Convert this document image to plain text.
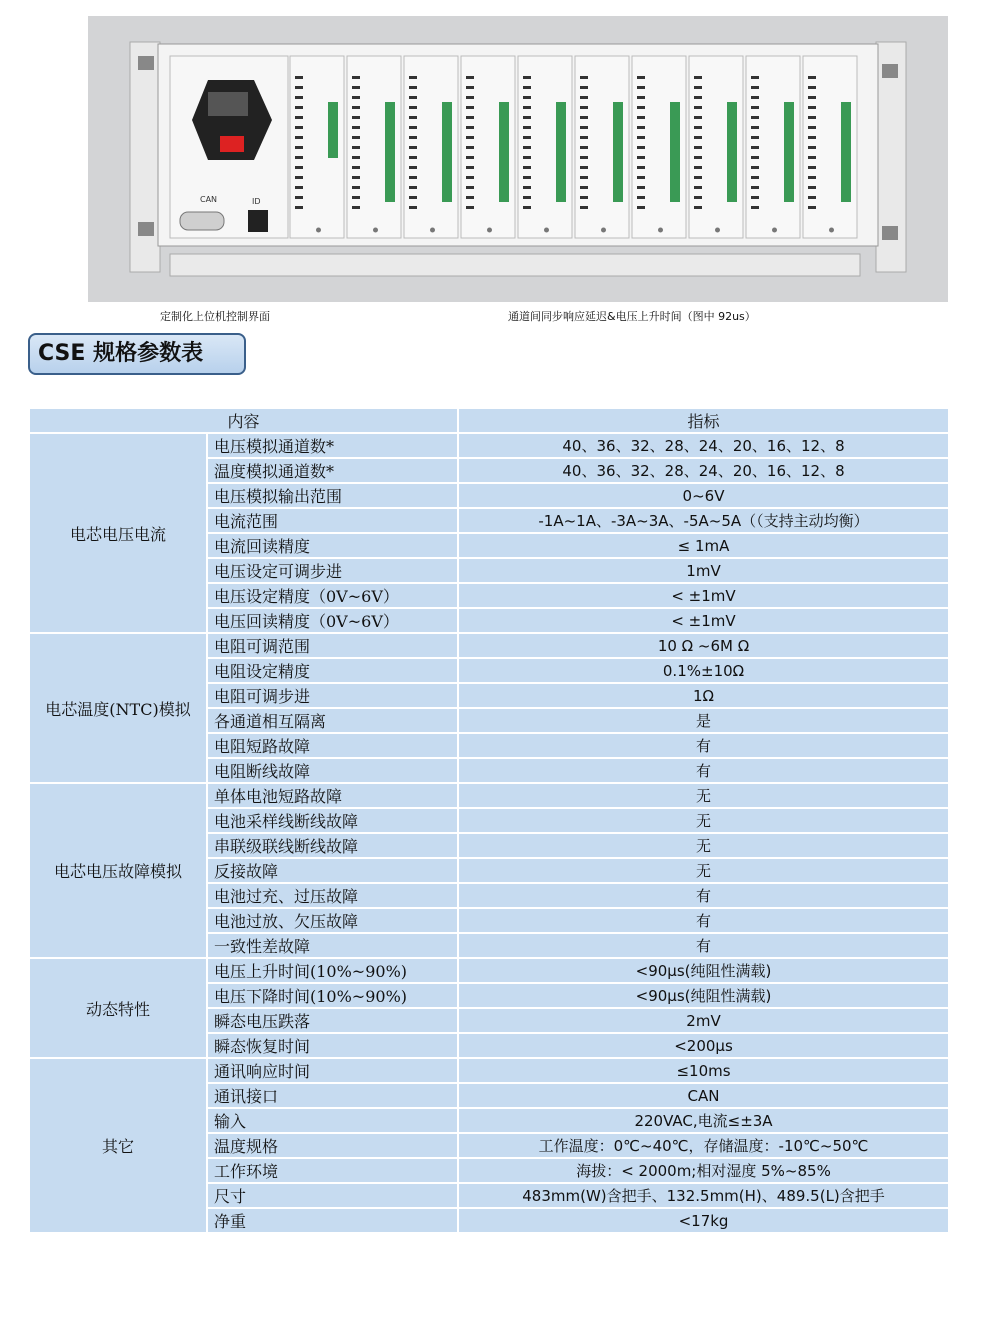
CAN	ID
定制化上位机控制界面	通道间同步响应延迟&电压上升时间（图中 92us）
CSE 规格参数表
内容		指标
电芯电压电流	电压模拟通道数*	40、36、32、28、24、20、16、12、8
	温度模拟通道数*	40、36、32、28、24、20、16、12、8
	电压模拟输出范围	0~6V
	电流范围	-1A~1A、-3A~3A、-5A~5A（（支持主动均衡）
	电流回读精度	≤ 1mA
	电压设定可调步进	1mV
	电压设定精度（0V~6V）	< ±1mV
	电压回读精度（0V~6V）	< ±1mV
电芯温度(NTC)模拟	电阻可调范围	10 Ω ~6M Ω
	电阻设定精度	0.1%±10Ω
	电阻可调步进	1Ω
	各通道相互隔离	是
	电阻短路故障	有
	电阻断线故障	有
电芯电压故障模拟	单体电池短路故障	无
	电池采样线断线故障	无
	串联级联线断线故障	无
	反接故障	无
	电池过充、过压故障	有
	电池过放、欠压故障	有
	一致性差故障	有
动态特性	电压上升时间(10%~90%)	<90μs(纯阻性满载)
	电压下降时间(10%~90%)	<90μs(纯阻性满载)
	瞬态电压跌落	2mV
	瞬态恢复时间	<200μs
其它	通讯响应时间	≤10ms
	通讯接口	CAN
	输入	220VAC,电流≤±3A
	温度规格	工作温度：0℃~40℃，存储温度：-10℃~50℃
	工作环境	海拔：< 2000m;相对湿度 5%~85%
	尺寸	483mm(W)含把手、132.5mm(H)、489.5(L)含把手
	净重	<17kg
